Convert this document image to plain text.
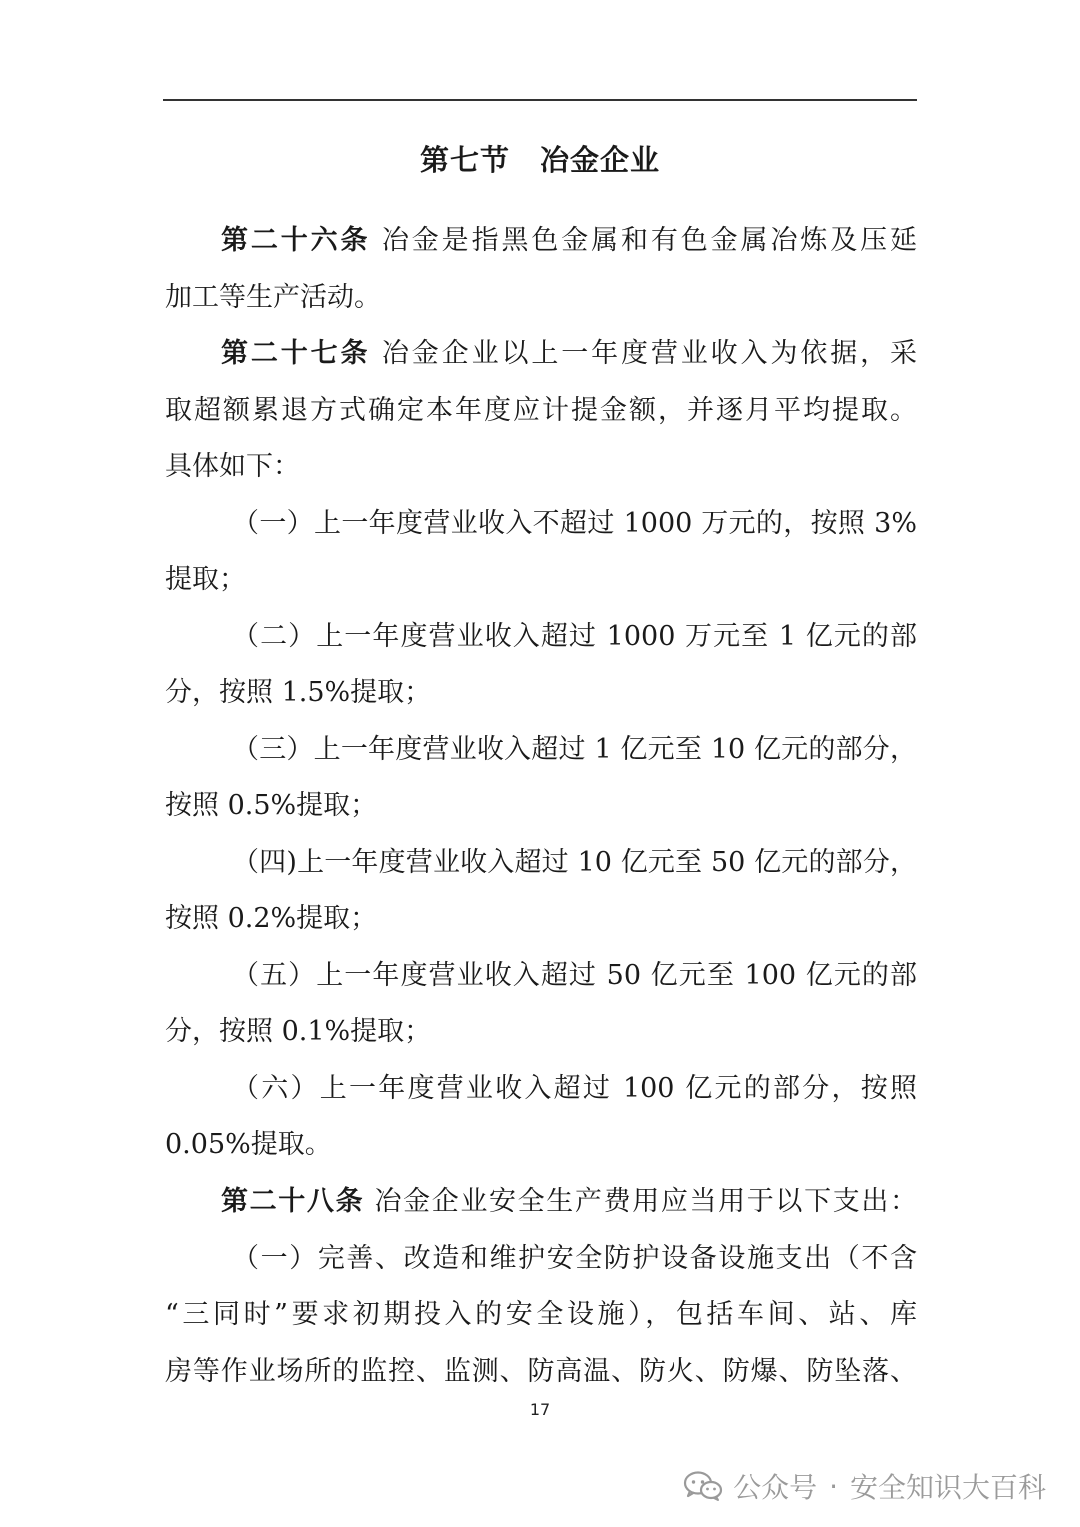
第七节　冶金企业
第二十六条 冶金是指黑色金属和有色金属冶炼及压延
加工等生产活动。
第二十七条 冶金企业以上一年度营业收入为依据，采
取超额累退方式确定本年度应计提金额，并逐月平均提取。
具体如下：
（一）上一年度营业收入不超过 1000 万元的，按照 3%
提取；
（二）上一年度营业收入超过 1000 万元至 1 亿元的部
分，按照 1.5%提取；
（三）上一年度营业收入超过 1 亿元至 10 亿元的部分，
按照 0.5%提取；
（四)上一年度营业收入超过 10 亿元至 50 亿元的部分，
按照 0.2%提取；
（五）上一年度营业收入超过 50 亿元至 100 亿元的部
分，按照 0.1%提取；
（六）上一年度营业收入超过 100 亿元的部分，按照
0.05%提取。
第二十八条 冶金企业安全生产费用应当用于以下支出：
（一）完善、改造和维护安全防护设备设施支出（不含
“三同时”要求初期投入的安全设施），包括车间、站、库
房等作业场所的监控、监测、防高温、防火、防爆、防坠落、
17
公众号 · 安全知识大百科
